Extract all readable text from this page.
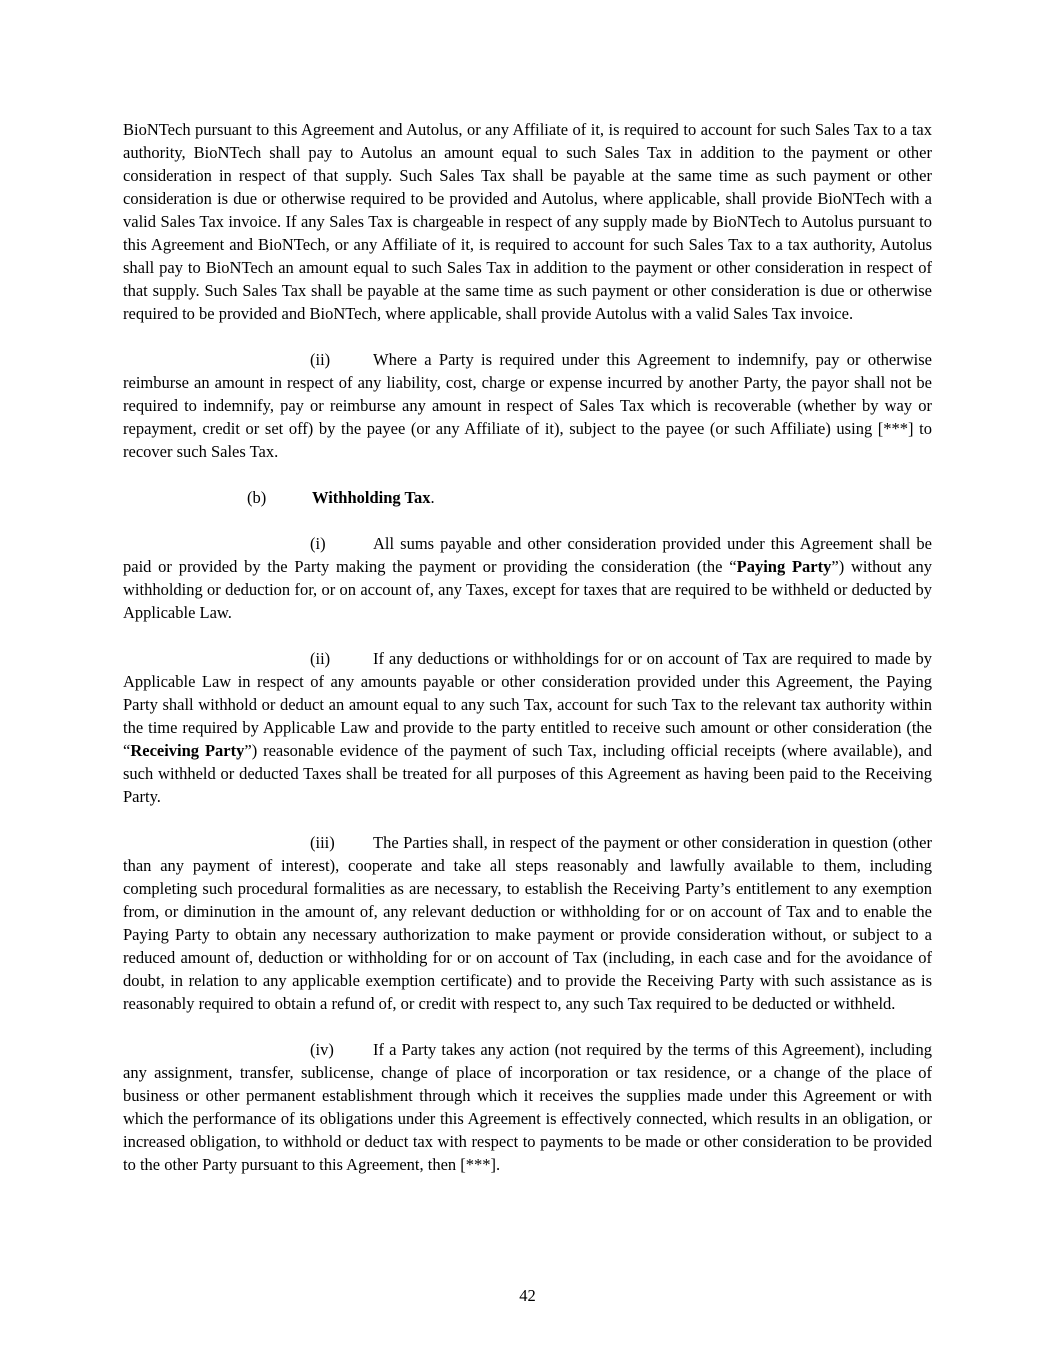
BioNTech pursuant to this Agreement and Autolus, or any Affiliate of it, is required to account for such Sales Tax to a tax authority, BioNTech shall pay to Autolus an amount equal to such Sales Tax in addition to the payment or other consideration in respect of that supply. Such Sales Tax shall be payable at the same time as such payment or other consideration is due or otherwise required to be provided and Autolus, where applicable, shall provide BioNTech with a valid Sales Tax invoice. If any Sales Tax is chargeable in respect of any supply made by BioNTech to Autolus pursuant to this Agreement and BioNTech, or any Affiliate of it, is required to account for such Sales Tax to a tax authority, Autolus shall pay to BioNTech an amount equal to such Sales Tax in addition to the payment or other consideration in respect of that supply. Such Sales Tax shall be payable at the same time as such payment or other consideration is due or otherwise required to be provided and BioNTech, where applicable, shall provide Autolus with a valid Sales Tax invoice.

(ii)	Where a Party is required under this Agreement to indemnify, pay or otherwise reimburse an amount in respect of any liability, cost, charge or expense incurred by another Party, the payor shall not be required to indemnify, pay or reimburse any amount in respect of Sales Tax which is recoverable (whether by way or repayment, credit or set off) by the payee (or any Affiliate of it), subject to the payee (or such Affiliate) using [***] to recover such Sales Tax.

(b)	Withholding Tax.

(i)	All sums payable and other consideration provided under this Agreement shall be paid or provided by the Party making the payment or providing the consideration (the “Paying Party”) without any withholding or deduction for, or on account of, any Taxes, except for taxes that are required to be withheld or deducted by Applicable Law.

(ii)	If any deductions or withholdings for or on account of Tax are required to made by Applicable Law in respect of any amounts payable or other consideration provided under this Agreement, the Paying Party shall withhold or deduct an amount equal to any such Tax, account for such Tax to the relevant tax authority within the time required by Applicable Law and provide to the party entitled to receive such amount or other consideration (the “Receiving Party”) reasonable evidence of the payment of such Tax, including official receipts (where available), and such withheld or deducted Taxes shall be treated for all purposes of this Agreement as having been paid to the Receiving Party.

(iii) The Parties shall, in respect of the payment or other consideration in question (other than any payment of interest), cooperate and take all steps reasonably and lawfully available to them, including completing such procedural formalities as are necessary, to establish the Receiving Party’s entitlement to any exemption from, or diminution in the amount of, any relevant deduction or withholding for or on account of Tax and to enable the Paying Party to obtain any necessary authorization to make payment or provide consideration without, or subject to a reduced amount of, deduction or withholding for or on account of Tax (including, in each case and for the avoidance of doubt, in relation to any applicable exemption certificate) and to provide the Receiving Party with such assistance as is reasonably required to obtain a refund of, or credit with respect to, any such Tax required to be deducted or withheld.

(iv) If a Party takes any action (not required by the terms of this Agreement), including any assignment, transfer, sublicense, change of place of incorporation or tax residence, or a change of the place of business or other permanent establishment through which it receives the supplies made under this Agreement or with which the performance of its obligations under this Agreement is effectively connected, which results in an obligation, or increased obligation, to withhold or deduct tax with respect to payments to be made or other consideration to be provided to the other Party pursuant to this Agreement, then [***].

42
